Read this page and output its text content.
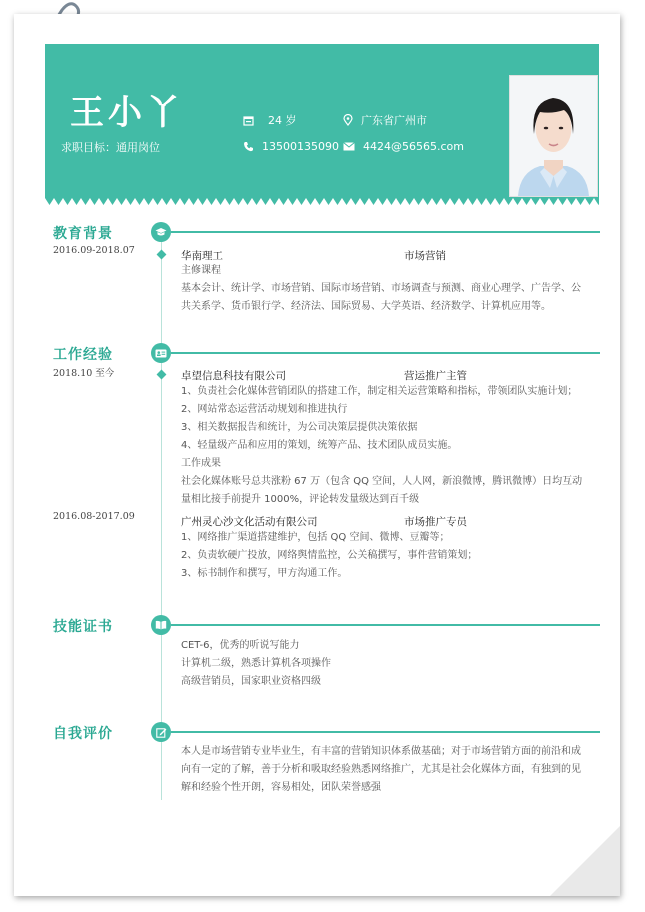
王小丫
求职目标：通用岗位
24 岁	广东省广州市
13500135090 4424@56565.com
教育背景
2016.09-2018.07	华南理工	市场营销
主修课程
基本会计、统计学、市场营销、国际市场营销、市场调查与预测、商业心理学、广告学、公
共关系学、货币银行学、经济法、国际贸易、大学英语、经济数学、计算机应用等。
工作经验
2018.10 至今	卓望信息科技有限公司	营运推广主管
1、负责社会化媒体营销团队的搭建工作，制定相关运营策略和指标，带领团队实施计划；
2、网站常态运营活动规划和推进执行
3、相关数据报告和统计，为公司决策层提供决策依据
4、轻量级产品和应用的策划，统筹产品、技术团队成员实施。
工作成果
社会化媒体账号总共涨粉 67 万（包含 QQ 空间，人人网，新浪微博，腾讯微博）日均互动
量相比接手前提升 1000%，评论转发量级达到百千级
2016.08-2017.09	广州灵心沙文化活动有限公司	市场推广专员
1、网络推广渠道搭建维护，包括 QQ 空间、微博、豆瓣等；
2、负责软硬广投放，网络舆情监控，公关稿撰写，事件营销策划；
3、标书制作和撰写，甲方沟通工作。
技能证书
CET-6，优秀的听说写能力
计算机二级，熟悉计算机各项操作
高级营销员，国家职业资格四级
自我评价
本人是市场营销专业毕业生，有丰富的营销知识体系做基础；对于市场营销方面的前沿和成
向有一定的了解，善于分析和吸取经验熟悉网络推广，尤其是社会化媒体方面，有独到的见
解和经验个性开朗，容易相处，团队荣誉感强
